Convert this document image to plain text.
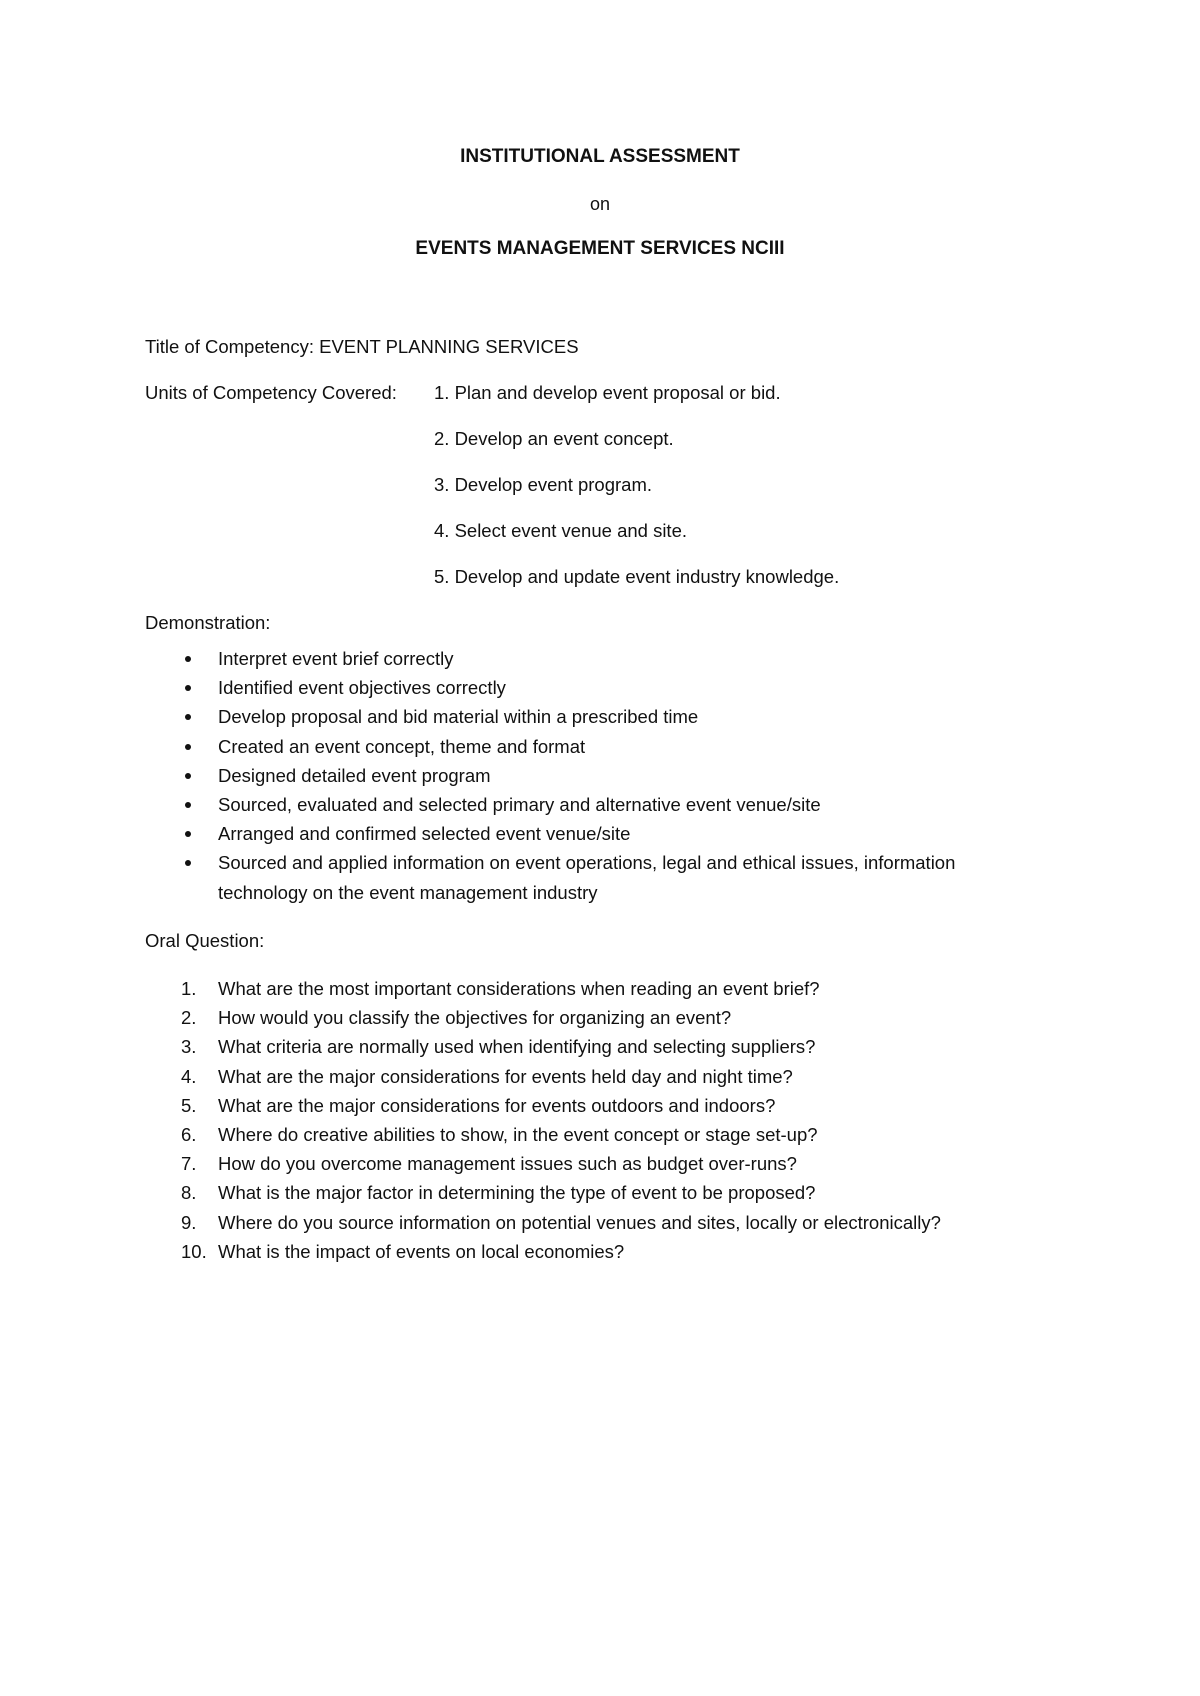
INSTITUTIONAL ASSESSMENT
on
EVENTS MANAGEMENT SERVICES NCIII
Title of Competency: EVENT PLANNING SERVICES
Units of Competency Covered: 1. Plan and develop event proposal or bid.
2. Develop an event concept.
3. Develop event program.
4. Select event venue and site.
5. Develop and update event industry knowledge.
Demonstration:
Interpret event brief correctly
Identified event objectives correctly
Develop proposal and bid material within a prescribed time
Created an event concept, theme and format
Designed detailed event program
Sourced, evaluated and selected primary and alternative event venue/site
Arranged and confirmed selected event venue/site
Sourced and applied information on event operations, legal and ethical issues, information technology on the event management industry
Oral Question:
1. What are the most important considerations when reading an event brief?
2. How would you classify the objectives for organizing an event?
3. What criteria are normally used when identifying and selecting suppliers?
4. What are the major considerations for events held day and night time?
5. What are the major considerations for events outdoors and indoors?
6. Where do creative abilities to show, in the event concept or stage set-up?
7. How do you overcome management issues such as budget over-runs?
8. What is the major factor in determining the type of event to be proposed?
9. Where do you source information on potential venues and sites, locally or electronically?
10. What is the impact of events on local economies?
